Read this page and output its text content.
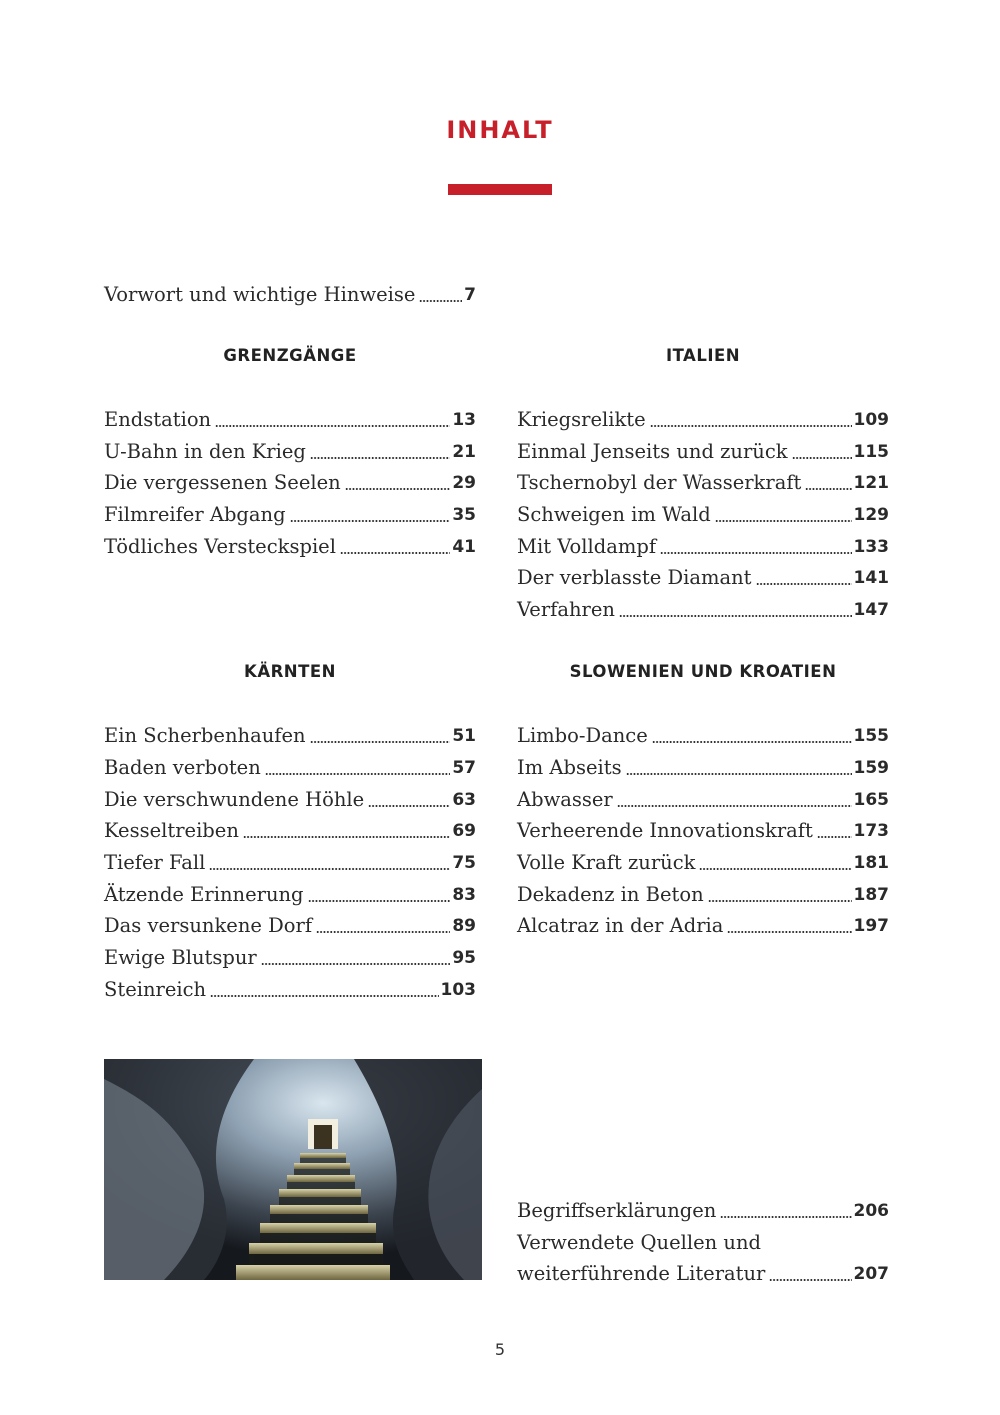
INHALT
Vorwort und wichtige Hinweise	7
GRENZGÄNGE	ITALIEN
KÄRNTEN	SLOWENIEN UND KROATIEN
Endstation	13
U-Bahn in den Krieg	21
Die vergessenen Seelen	29
Filmreifer Abgang	35
Tödliches Versteckspiel	41
Kriegsrelikte	109
Einmal Jenseits und zurück	115
Tschernobyl der Wasserkraft	121
Schweigen im Wald	129
Mit Volldampf	133
Der verblasste Diamant	141
Verfahren	147
Ein Scherbenhaufen	51
Baden verboten	57
Die verschwundene Höhle	63
Kesseltreiben	69
Tiefer Fall	75
Ätzende Erinnerung	83
Das versunkene Dorf	89
Ewige Blutspur	95
Steinreich	103
Limbo-Dance	155
Im Abseits	159
Abwasser	165
Verheerende Innovationskraft 173
Volle Kraft zurück	181
Dekadenz in Beton	187
Alcatraz in der Adria	197
Begriffserklärungen	206
Verwendete Quellen und
weiterführende Literatur	207
5
